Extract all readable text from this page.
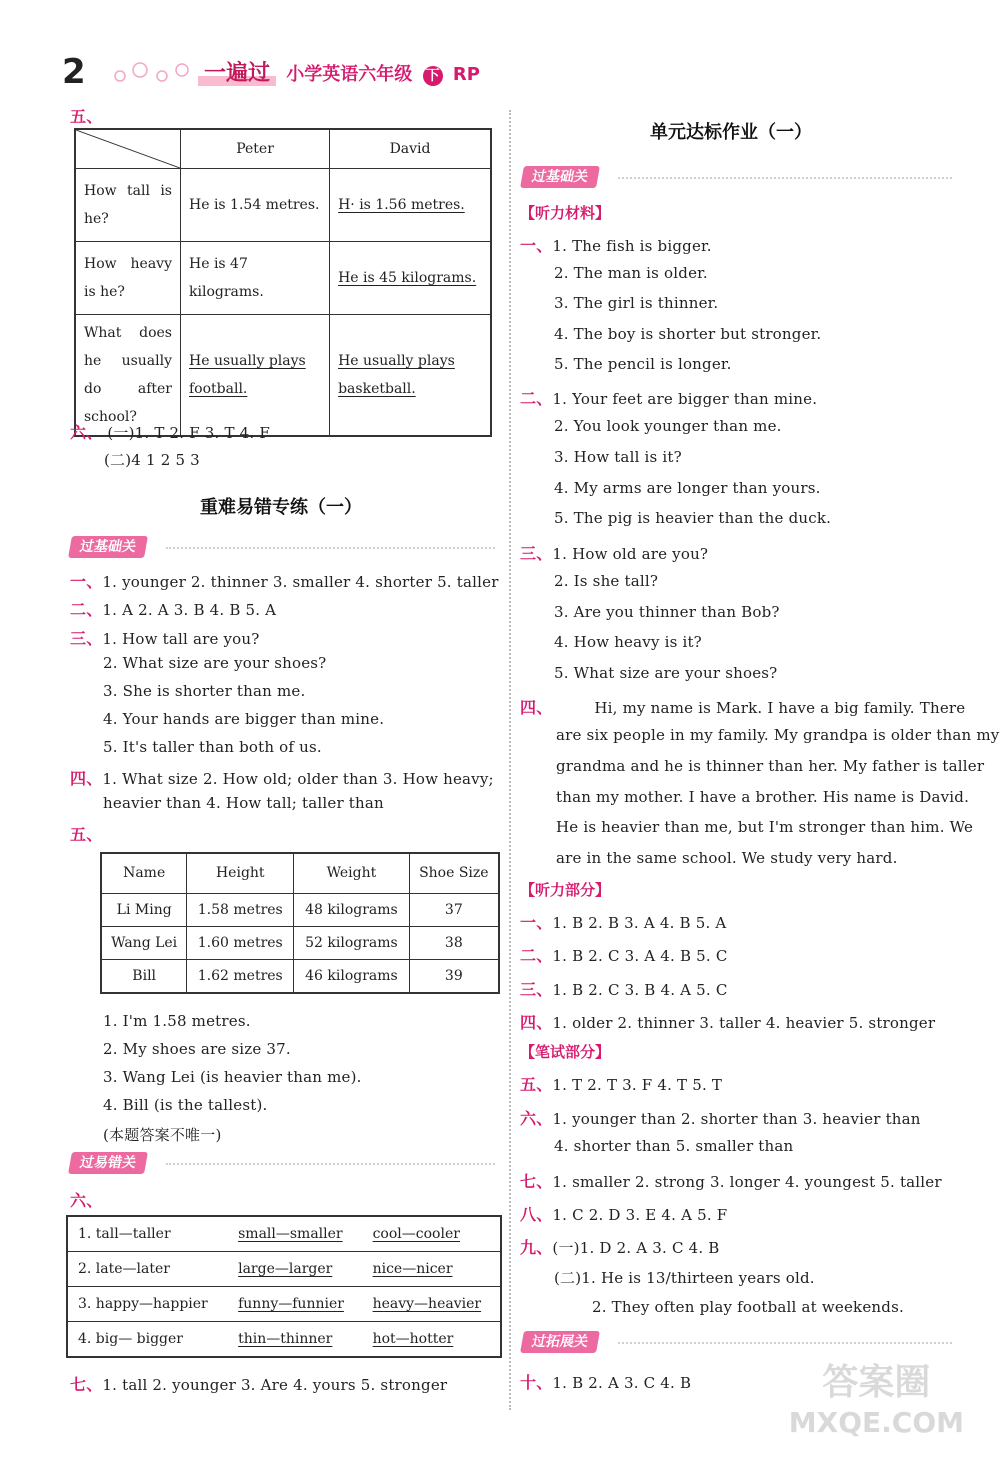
2	一遍过 小学英语六年级 下 RP
五、
	Peter	David
How tall is he?	He is 1.54 metres.	H· is 1.56 metres.
How heavy is he?	He is 47 kilograms.	He is 45 kilograms.
What does he usually do after school?	He usually plays football.	He usually plays basketball.
六、 (一)1. T 2. F 3. T 4. F
(二)4 1 2 5 3
重难易错专练（一）
过基础关
一、1. younger 2. thinner 3. smaller 4. shorter 5. taller
二、1. A 2. A 3. B 4. B 5. A
三、1. How tall are you?
2. What size are your shoes?
3. She is shorter than me.
4. Your hands are bigger than mine.
5. It's taller than both of us.
四、1. What size 2. How old; older than 3. How heavy;
heavier than 4. How tall; taller than
五、
Name	Height	Weight	Shoe Size
Li Ming	1.58 metres	48 kilograms	37
Wang Lei	1.60 metres	52 kilograms	38
Bill	1.62 metres	46 kilograms	39
1. I'm 1.58 metres.
2. My shoes are size 37.
3. Wang Lei (is heavier than me).
4. Bill (is the tallest).
(本题答案不唯一)
过易错关
六、
1. tall—taller	small—smaller	cool—cooler
2. late—later	large—larger	nice—nicer
3. happy—happier	funny—funnier	heavy—heavier
4. big— bigger	thin—thinner	hot—hotter
七、1. tall 2. younger 3. Are 4. yours 5. stronger
单元达标作业（一）
过基础关
【听力材料】
一、1. The fish is bigger.
2. The man is older.
3. The girl is thinner.
4. The boy is shorter but stronger.
5. The pencil is longer.
二、1. Your feet are bigger than mine.
2. You look younger than me.
3. How tall is it?
4. My arms are longer than yours.
5. The pig is heavier than the duck.
三、1. How old are you?
2. Is she tall?
3. Are you thinner than Bob?
4. How heavy is it?
5. What size are your shoes?
四、	Hi, my name is Mark. I have a big family. There
are six people in my family. My grandpa is older than my
grandma and he is thinner than her. My father is taller
than my mother. I have a brother. His name is David.
He is heavier than me, but I'm stronger than him. We
are in the same school. We study very hard.
【听力部分】
一、1. B 2. B 3. A 4. B 5. A
二、1. B 2. C 3. A 4. B 5. C
三、1. B 2. C 3. B 4. A 5. C
四、1. older 2. thinner 3. taller 4. heavier 5. stronger
【笔试部分】
五、1. T 2. T 3. F 4. T 5. T
六、1. younger than 2. shorter than 3. heavier than
4. shorter than 5. smaller than
七、1. smaller 2. strong 3. longer 4. youngest 5. taller
八、1. C 2. D 3. E 4. A 5. F
九、(一)1. D 2. A 3. C 4. B
(二)1. He is 13/thirteen years old.
2. They often play football at weekends.
过拓展关
十、1. B 2. A 3. C 4. B	答案圈
MXQE.COM
